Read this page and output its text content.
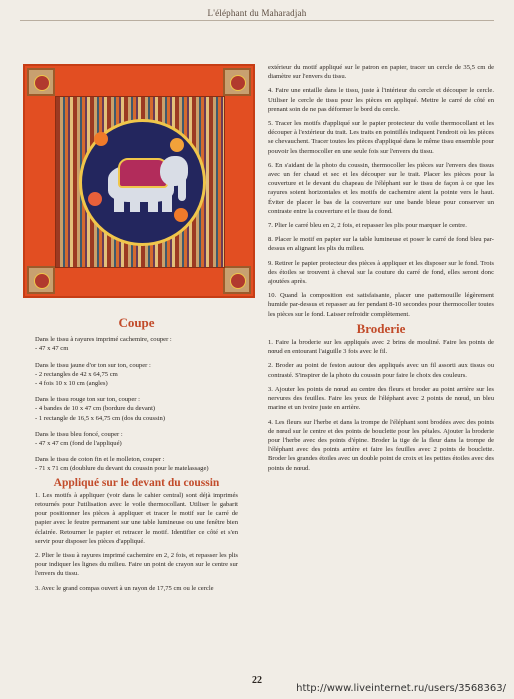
L'éléphant du Maharadjah
Coupe

Dans le tissu à rayures imprimé cachemire, couper :

- 47 x 47 cm

Dans le tissu jaune d'or ton sur ton, couper :

- 2 rectangles de 42 x 64,75 cm

- 4 fois 10 x 10 cm (angles)

Dans le tissu rouge ton sur ton, couper :

- 4 bandes de 10 x 47 cm (bordure du devant)

- 1 rectangle de 16,5 x 64,75 cm (dos du coussin)

Dans le tissu bleu foncé, couper :

- 47 x 47 cm (fond de l'appliqué)

Dans le tissu de coton fin et le molleton, couper :

- 71 x 71 cm (doublure du devant du coussin pour le matelassage)

Appliqué sur le devant du coussin

1. Les motifs à appliquer (voir dans le cahier central) sont déjà imprimés retournés pour l'utilisation avec le voile thermocollant. Utiliser le gabarit pour positionner les pièces à appliquer et tracer le motif sur le carré de papier avec le feutre permanent sur une table lumineuse ou une fenêtre bien éclairée. Retourner le papier et retracer le motif. Identifier ce côté et s'en servir pour disposer les pièces d'appliqué.

2. Plier le tissu à rayures imprimé cachemire en 2, 2 fois, et repasser les plis pour indiquer les lignes du milieu. Faire un point de crayon sur le centre sur l'envers du tissu.

3. Avec le grand compas ouvert à un rayon de 17,75 cm ou le cercle

extérieur du motif appliqué sur le patron en papier, tracer un cercle de 35,5 cm de diamètre sur l'envers du tissu.

4. Faire une entaille dans le tissu, juste à l'intérieur du cercle et découper le cercle. Utiliser le cercle de tissu pour les pièces en appliqué. Mettre le carré de côté en prenant soin de ne pas déformer le bord du cercle.

5. Tracer les motifs d'appliqué sur le papier protecteur du voile thermocollant et les découper à l'extérieur du trait. Les traits en pointillés indiquent l'endroit où les pièces se chevauchent. Tracer toutes les pièces d'appliqué dans le même tissu ensemble pour pouvoir les thermocoller en une seule fois sur l'envers du tissu.

6. En s'aidant de la photo du coussin, thermocoller les pièces sur l'envers des tissus avec un fer chaud et sec et les découper sur le trait. Placer les pièces pour la couverture et le devant du chapeau de l'éléphant sur le tissu de façon à ce que les rayures soient horizontales et les motifs de cachemire aient la pointe vers le haut. Éviter de placer le bas de la couverture sur une bande bleue pour conserver un contraste entre la couverture et le tissu de fond.

7. Plier le carré bleu en 2, 2 fois, et repasser les plis pour marquer le centre.

8. Placer le motif en papier sur la table lumineuse et poser le carré de fond bleu par-dessus en alignant les plis du milieu.

9. Retirer le papier protecteur des pièces à appliquer et les disposer sur le fond. Trois des étoiles se trouvent à cheval sur la couture du carré de fond, elles seront donc ajoutées après.

10. Quand la composition est satisfaisante, placer une pattemouille légèrement humide par-dessus et repasser au fer pendant 8-10 secondes pour thermocoller toutes les pièces sur le fond. Laisser refroidir complètement.

Broderie

1. Faire la broderie sur les appliqués avec 2 brins de mouliné. Faire les points de nœud en entourant l'aiguille 3 fois avec le fil.

2. Broder au point de feston autour des appliqués avec un fil assorti aux tissus ou contrasté. S'inspirer de la photo du coussin pour faire le choix des couleurs.

3. Ajouter les points de nœud au centre des fleurs et broder au point arrière sur les nervures des feuilles. Faire les yeux de l'éléphant avec 2 points de nœud, un bleu marine et un ivoire juste en arrière.

4. Les fleurs sur l'herbe et dans la trompe de l'éléphant sont brodées avec des points de nœud sur le centre et des points de bouclette pour les pétales. Ajouter la broderie pour l'herbe avec des points d'épine. Broder la tige de la fleur dans la trompe de l'éléphant avec des points arrière et faire les feuilles avec 2 points de bouclette. Broder les grandes étoiles avec un double point de croix et les petites étoiles avec des points de nœud.

22
http://www.liveinternet.ru/users/3568363/
